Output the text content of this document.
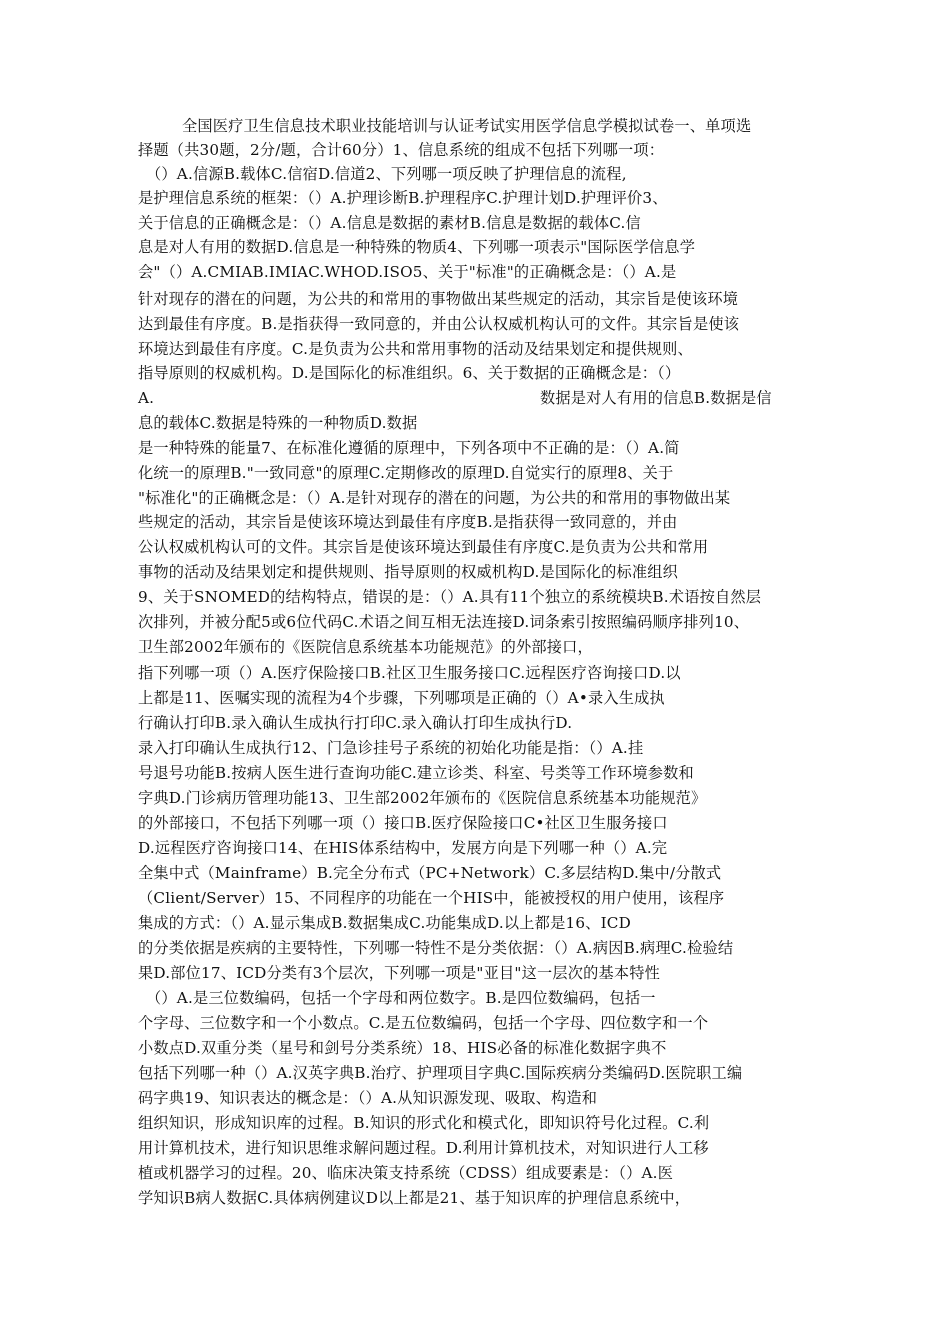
全国医疗卫生信息技术职业技能培训与认证考试实用医学信息学模拟试卷一、单项选
择题（共30题，2分/题，合计60分）1、信息系统的组成不包括下列哪一项：
（）A.信源B.载体C.信宿D.信道2、下列哪一项反映了护理信息的流程,
是护理信息系统的框架：（）A.护理诊断B.护理程序C.护理计划D.护理评价3、
关于信息的正确概念是：（）A.信息是数据的素材B.信息是数据的载体C.信
息是对人有用的数据D.信息是一种特殊的物质4、下列哪一项表示"国际医学信息学
会"（）A.CMIAB.IMIAC.WHOD.ISO5、关于"标准"的正确概念是：（）A.是
针对现存的潜在的问题，为公共的和常用的事物做出某些规定的活动，其宗旨是使该环境
达到最佳有序度。B.是指获得一致同意的，并由公认权威机构认可的文件。其宗旨是使该
环境达到最佳有序度。C.是负责为公共和常用事物的活动及结果划定和提供规则、
指导原则的权威机构。D.是国际化的标准组织。6、关于数据的正确概念是：（）
A.	数据是对人有用的信息B.数据是信
息的载体C.数据是特殊的一种物质D.数据
是一种特殊的能量7、在标准化遵循的原理中，下列各项中不正确的是：（）A.简
化统一的原理B."一致同意"的原理C.定期修改的原理D.自觉实行的原理8、关于
"标准化"的正确概念是：（）A.是针对现存的潜在的问题，为公共的和常用的事物做出某
些规定的活动，其宗旨是使该环境达到最佳有序度B.是指获得一致同意的，并由
公认权威机构认可的文件。其宗旨是使该环境达到最佳有序度C.是负责为公共和常用
事物的活动及结果划定和提供规则、指导原则的权威机构D.是国际化的标准组织
9、关于SNOMED的结构特点，错误的是：（）A.具有11个独立的系统模块B.术语按自然层
次排列，并被分配5或6位代码C.术语之间互相无法连接D.词条索引按照编码顺序排列10、
卫生部2002年颁布的《医院信息系统基本功能规范》的外部接口，
指下列哪一项（）A.医疗保险接口B.社区卫生服务接口C.远程医疗咨询接口D.以
上都是11、医嘱实现的流程为4个步骤，下列哪项是正确的（）A•录入生成执
行确认打印B.录入确认生成执行打印C.录入确认打印生成执行D.
录入打印确认生成执行12、门急诊挂号子系统的初始化功能是指：（）A.挂
号退号功能B.按病人医生进行查询功能C.建立诊类、科室、号类等工作环境参数和
字典D.门诊病历管理功能13、卫生部2002年颁布的《医院信息系统基本功能规范》
的外部接口，不包括下列哪一项（）接口B.医疗保险接口C•社区卫生服务接口
D.远程医疗咨询接口14、在HIS体系结构中，发展方向是下列哪一种（）A.完
全集中式（Mainframe）B.完全分布式（PC+Network）C.多层结构D.集中/分散式
（Client/Server）15、不同程序的功能在一个HIS中，能被授权的用户使用，该程序
集成的方式：（）A.显示集成B.数据集成C.功能集成D.以上都是16、ICD
的分类依据是疾病的主要特性，下列哪一特性不是分类依据：（）A.病因B.病理C.检验结
果D.部位17、ICD分类有3个层次，下列哪一项是"亚目"这一层次的基本特性
（）A.是三位数编码，包括一个字母和两位数字。B.是四位数编码，包括一
个字母、三位数字和一个小数点。C.是五位数编码，包括一个字母、四位数字和一个
小数点D.双重分类（星号和剑号分类系统）18、HIS必备的标准化数据字典不
包括下列哪一种（）A.汉英字典B.治疗、护理项目字典C.国际疾病分类编码D.医院职工编
码字典19、知识表达的概念是：（）A.从知识源发现、吸取、构造和
组织知识，形成知识库的过程。B.知识的形式化和模式化，即知识符号化过程。C.利
用计算机技术，进行知识思维求解问题过程。D.利用计算机技术，对知识进行人工移
植或机器学习的过程。20、临床决策支持系统（CDSS）组成要素是：（）A.医
学知识B病人数据C.具体病例建议D以上都是21、基于知识库的护理信息系统中，
